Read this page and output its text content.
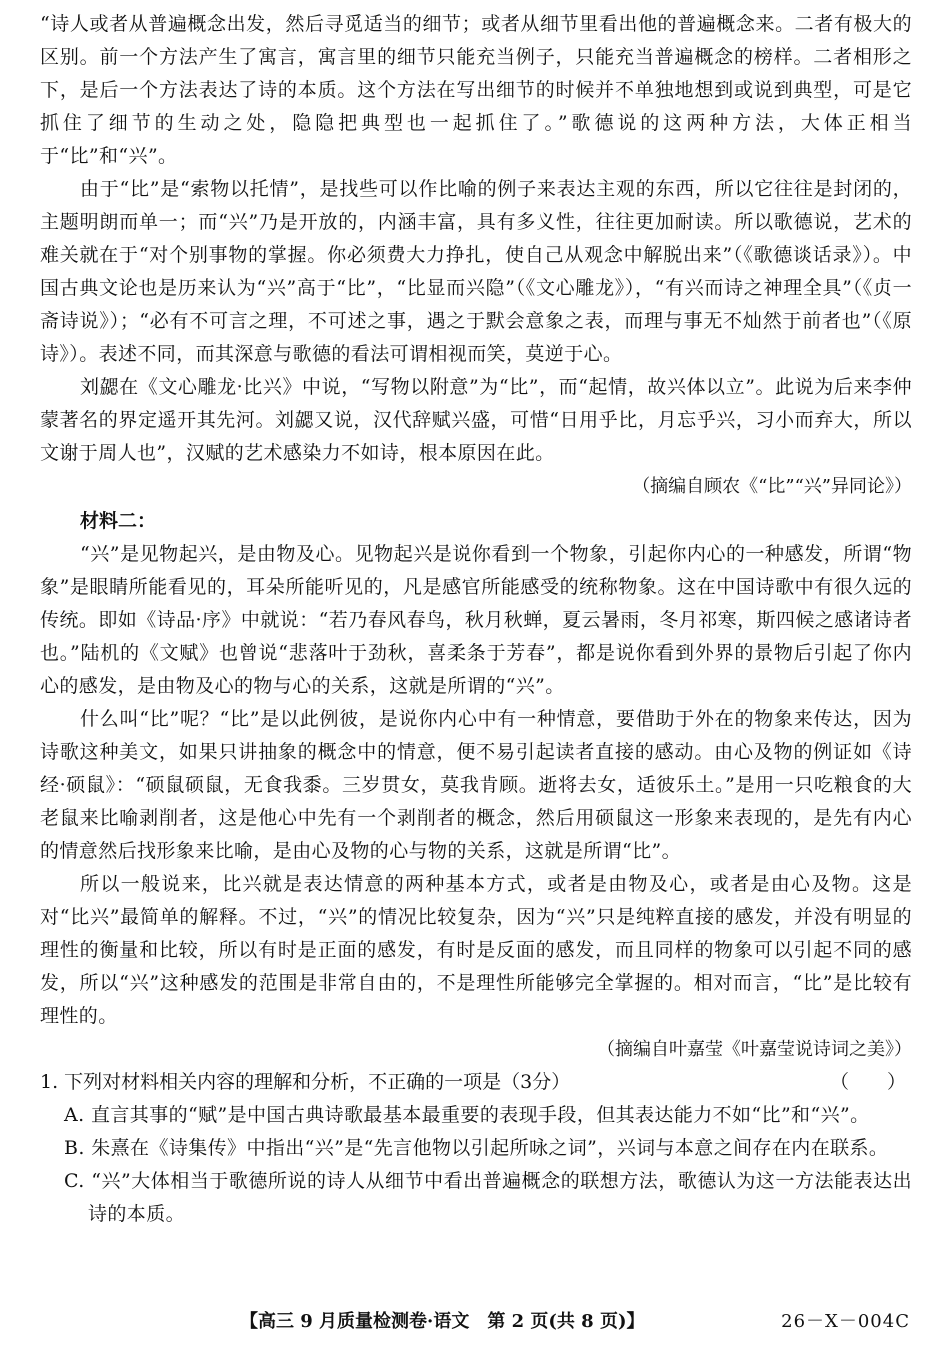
“诗人或者从普遍概念出发，然后寻觅适当的细节；或者从细节里看出他的普遍概念来。二者有极大的区别。前一个方法产生了寓言，寓言里的细节只能充当例子，只能充当普遍概念的榜样。二者相形之下，是后一个方法表达了诗的本质。这个方法在写出细节的时候并不单独地想到或说到典型，可是它抓住了细节的生动之处，隐隐把典型也一起抓住了。”歌德说的这两种方法，大体正相当于“比”和“兴”。

由于“比”是“索物以托情”，是找些可以作比喻的例子来表达主观的东西，所以它往往是封闭的，主题明朗而单一；而“兴”乃是开放的，内涵丰富，具有多义性，往往更加耐读。所以歌德说，艺术的难关就在于“对个别事物的掌握。你必须费大力挣扎，使自己从观念中解脱出来”（《歌德谈话录》）。中国古典文论也是历来认为“兴”高于“比”，“比显而兴隐”（《文心雕龙》），“有兴而诗之神理全具”（《贞一斋诗说》）；“必有不可言之理，不可述之事，遇之于默会意象之表，而理与事无不灿然于前者也”（《原诗》）。表述不同，而其深意与歌德的看法可谓相视而笑，莫逆于心。

刘勰在《文心雕龙·比兴》中说，“写物以附意”为“比”，而“起情，故兴体以立”。此说为后来李仲蒙著名的界定遥开其先河。刘勰又说，汉代辞赋兴盛，可惜“日用乎比，月忘乎兴，习小而弃大，所以文谢于周人也”，汉赋的艺术感染力不如诗，根本原因在此。

（摘编自顾农《“比”“兴”异同论》）

材料二：

“兴”是见物起兴，是由物及心。见物起兴是说你看到一个物象，引起你内心的一种感发，所谓“物象”是眼睛所能看见的，耳朵所能听见的，凡是感官所能感受的统称物象。这在中国诗歌中有很久远的传统。即如《诗品·序》中就说：“若乃春风春鸟，秋月秋蝉，夏云暑雨，冬月祁寒，斯四候之感诸诗者也。”陆机的《文赋》也曾说“悲落叶于劲秋，喜柔条于芳春”，都是说你看到外界的景物后引起了你内心的感发，是由物及心的物与心的关系，这就是所谓的“兴”。

什么叫“比”呢？“比”是以此例彼，是说你内心中有一种情意，要借助于外在的物象来传达，因为诗歌这种美文，如果只讲抽象的概念中的情意，便不易引起读者直接的感动。由心及物的例证如《诗经·硕鼠》：“硕鼠硕鼠，无食我黍。三岁贯女，莫我肯顾。逝将去女，适彼乐土。”是用一只吃粮食的大老鼠来比喻剥削者，这是他心中先有一个剥削者的概念，然后用硕鼠这一形象来表现的，是先有内心的情意然后找形象来比喻，是由心及物的心与物的关系，这就是所谓“比”。

所以一般说来，比兴就是表达情意的两种基本方式，或者是由物及心，或者是由心及物。这是对“比兴”最简单的解释。不过，“兴”的情况比较复杂，因为“兴”只是纯粹直接的感发，并没有明显的理性的衡量和比较，所以有时是正面的感发，有时是反面的感发，而且同样的物象可以引起不同的感发，所以“兴”这种感发的范围是非常自由的，不是理性所能够完全掌握的。相对而言，“比”是比较有理性的。

（摘编自叶嘉莹《叶嘉莹说诗词之美》）

1. 下列对材料相关内容的理解和分析，不正确的一项是（3分）	（　　）

A. 直言其事的“赋”是中国古典诗歌最基本最重要的表现手段，但其表达能力不如“比”和“兴”。

B. 朱熹在《诗集传》中指出“兴”是“先言他物以引起所咏之词”，兴词与本意之间存在内在联系。

C. “兴”大体相当于歌德所说的诗人从细节中看出普遍概念的联想方法，歌德认为这一方法能表达出诗的本质。

【高三 9 月质量检测卷·语文　第 2 页(共 8 页)】	26－X－004C
